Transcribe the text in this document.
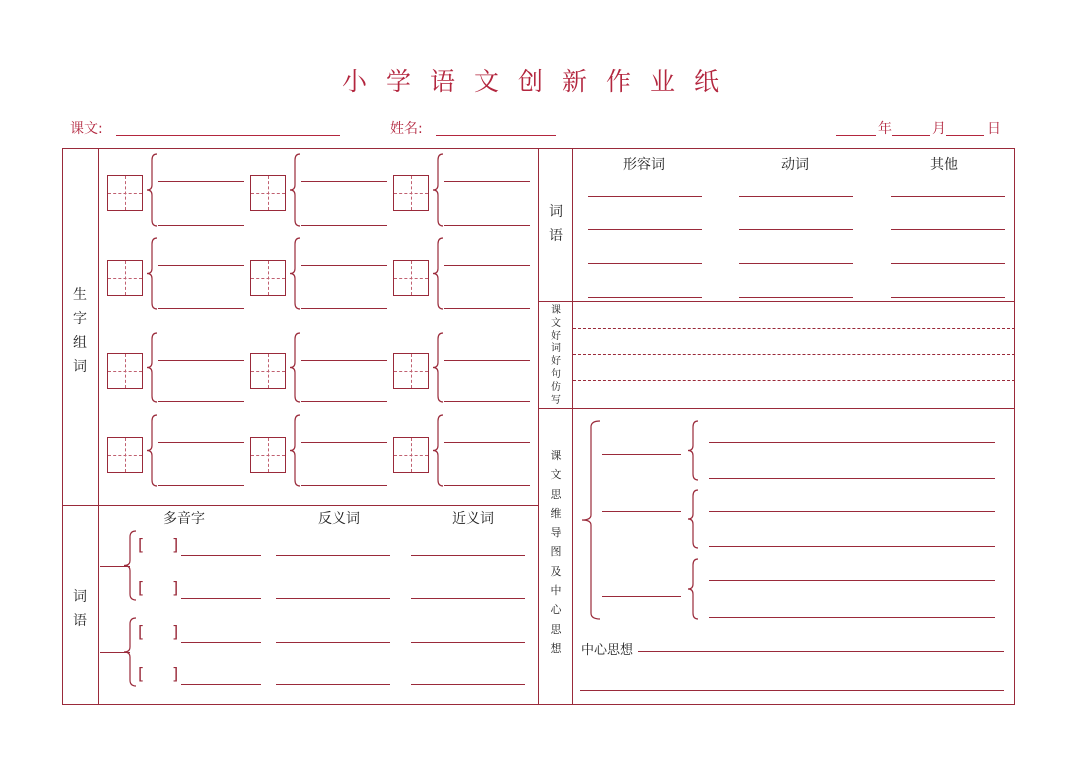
小学语文创新作业纸
课文:	姓名:	年	月	日
生字组词
词语
多音字	反义词	近义词
词语
形容词	动词	其他
课文好词好句仿写
课文思维导图及中心思想 中心思想
[ ]
[ ]
[ ]
[ ]
